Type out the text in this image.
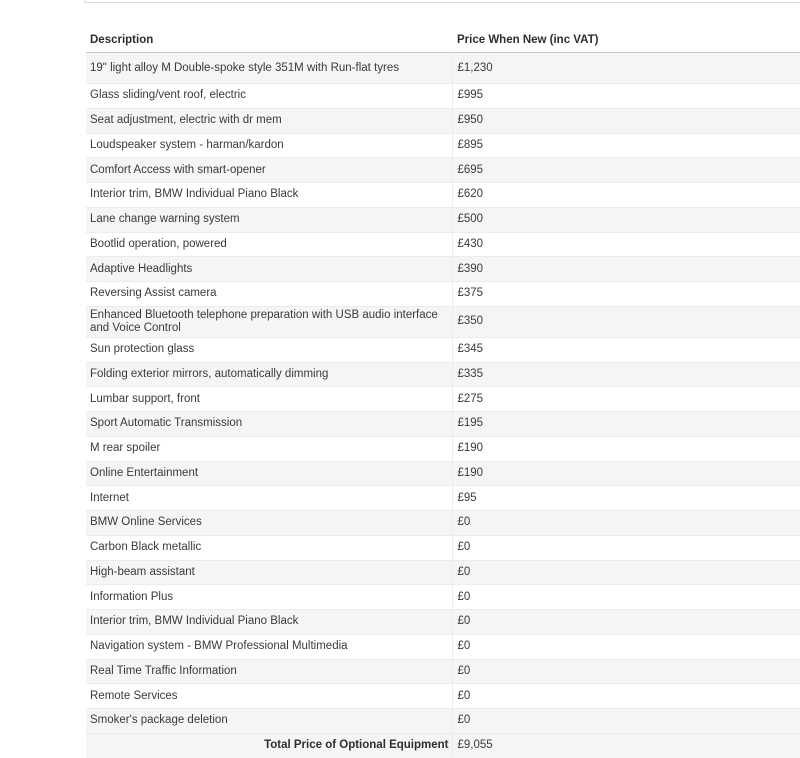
Description	Price When New (inc VAT)
19" light alloy M Double-spoke style 351M with Run-flat tyres	£1,230
Glass sliding/vent roof, electric	£995
Seat adjustment, electric with dr mem	£950
Loudspeaker system - harman/kardon	£895
Comfort Access with smart-opener	£695
Interior trim, BMW Individual Piano Black	£620
Lane change warning system	£500
Bootlid operation, powered	£430
Adaptive Headlights	£390
Reversing Assist camera	£375
Enhanced Bluetooth telephone preparation with USB audio interface and Voice Control	£350
Sun protection glass	£345
Folding exterior mirrors, automatically dimming	£335
Lumbar support, front	£275
Sport Automatic Transmission	£195
M rear spoiler	£190
Online Entertainment	£190
Internet	£95
BMW Online Services	£0
Carbon Black metallic	£0
High-beam assistant	£0
Information Plus	£0
Interior trim, BMW Individual Piano Black	£0
Navigation system - BMW Professional Multimedia	£0
Real Time Traffic Information	£0
Remote Services	£0
Smoker's package deletion	£0
Total Price of Optional Equipment	£9,055
